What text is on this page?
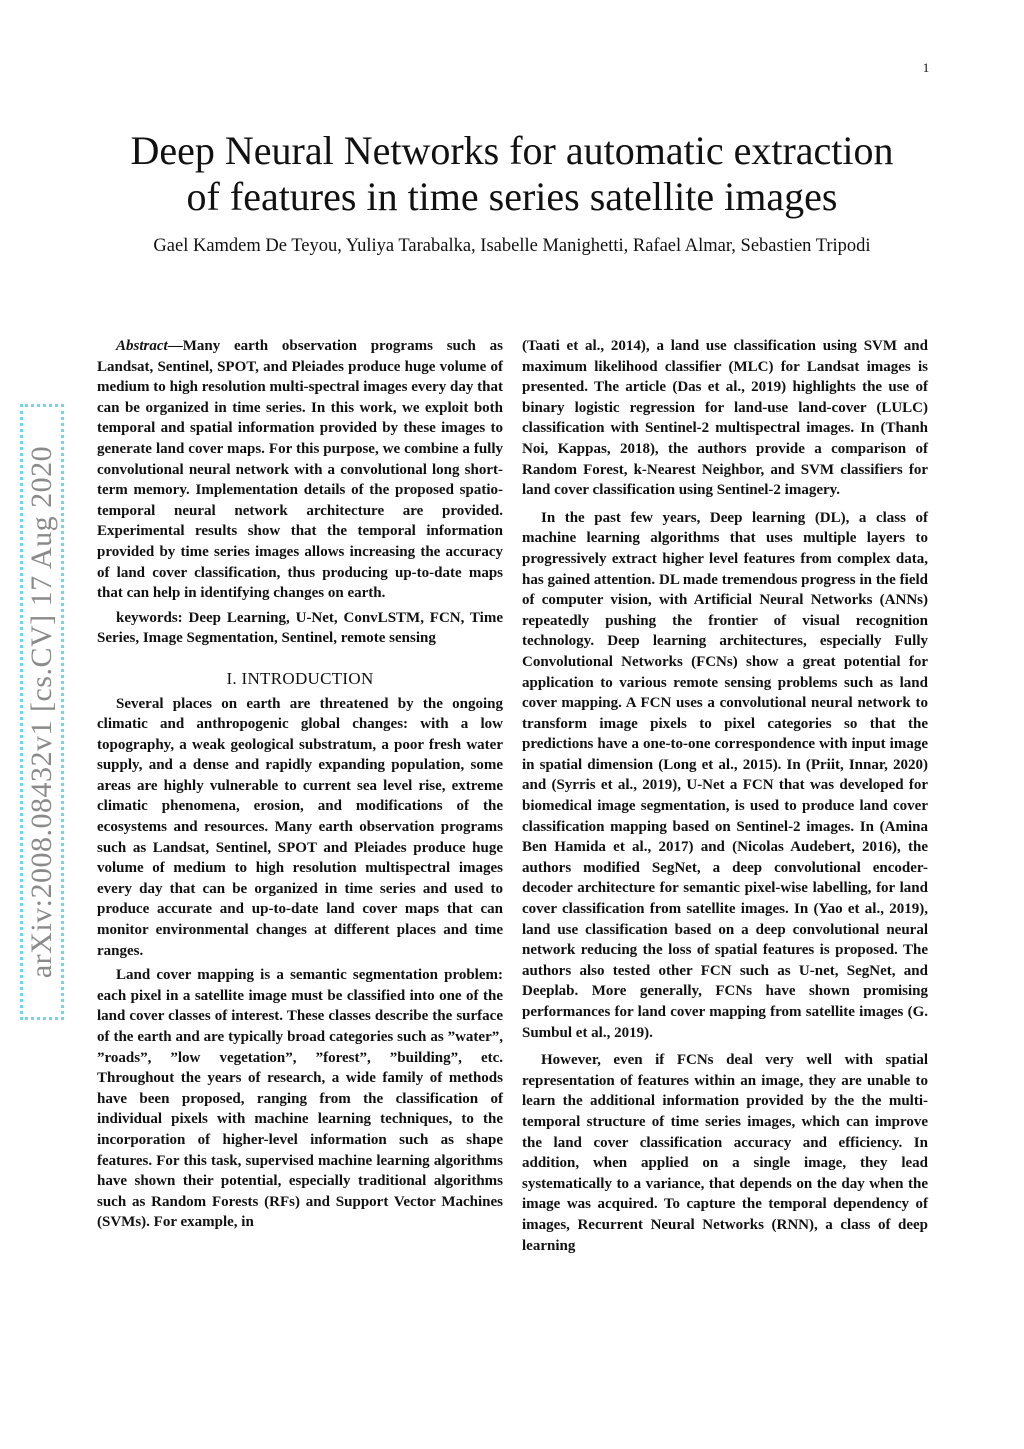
1
Deep Neural Networks for automatic extraction
of features in time series satellite images
Gael Kamdem De Teyou, Yuliya Tarabalka, Isabelle Manighetti, Rafael Almar, Sebastien Tripodi
arXiv:2008.08432v1 [cs.CV] 17 Aug 2020

Abstract—Many earth observation programs such as Landsat, Sentinel, SPOT, and Pleiades produce huge volume of medium to high resolution multi-spectral images every day that can be organized in time series. In this work, we exploit both temporal and spatial information provided by these images to generate land cover maps. For this purpose, we combine a fully convolutional neural network with a convolutional long short-term memory. Implementation details of the proposed spatio-temporal neural network architecture are provided. Experimental results show that the temporal information provided by time series images allows increasing the accuracy of land cover classification, thus producing up-to-date maps that can help in identifying changes on earth.

keywords: Deep Learning, U-Net, ConvLSTM, FCN, Time Series, Image Segmentation, Sentinel, remote sensing

I. INTRODUCTION

Several places on earth are threatened by the ongoing climatic and anthropogenic global changes: with a low topography, a weak geological substratum, a poor fresh water supply, and a dense and rapidly expanding population, some areas are highly vulnerable to current sea level rise, extreme climatic phenomena, erosion, and modifications of the ecosystems and resources. Many earth observation programs such as Landsat, Sentinel, SPOT and Pleiades produce huge volume of medium to high resolution multispectral images every day that can be organized in time series and used to produce accurate and up-to-date land cover maps that can monitor environmental changes at different places and time ranges.

Land cover mapping is a semantic segmentation problem: each pixel in a satellite image must be classified into one of the land cover classes of interest. These classes describe the surface of the earth and are typically broad categories such as ”water”, ”roads”, ”low vegetation”, ”forest”, ”building”, etc. Throughout the years of research, a wide family of methods have been proposed, ranging from the classification of individual pixels with machine learning techniques, to the incorporation of higher-level information such as shape features. For this task, supervised machine learning algorithms have shown their potential, especially traditional algorithms such as Random Forests (RFs) and Support Vector Machines (SVMs). For example, in

(Taati et al., 2014), a land use classification using SVM and maximum likelihood classifier (MLC) for Landsat images is presented. The article (Das et al., 2019) highlights the use of binary logistic regression for land-use land-cover (LULC) classification with Sentinel-2 multispectral images. In (Thanh Noi, Kappas, 2018), the authors provide a comparison of Random Forest, k-Nearest Neighbor, and SVM classifiers for land cover classification using Sentinel-2 imagery.

In the past few years, Deep learning (DL), a class of machine learning algorithms that uses multiple layers to progressively extract higher level features from complex data, has gained attention. DL made tremendous progress in the field of computer vision, with Artificial Neural Networks (ANNs) repeatedly pushing the frontier of visual recognition technology. Deep learning architectures, especially Fully Convolutional Networks (FCNs) show a great potential for application to various remote sensing problems such as land cover mapping. A FCN uses a convolutional neural network to transform image pixels to pixel categories so that the predictions have a one-to-one correspondence with input image in spatial dimension (Long et al., 2015). In (Priit, Innar, 2020) and (Syrris et al., 2019), U-Net a FCN that was developed for biomedical image segmentation, is used to produce land cover classification mapping based on Sentinel-2 images. In (Amina Ben Hamida et al., 2017) and (Nicolas Audebert, 2016), the authors modified SegNet, a deep convolutional encoder-decoder architecture for semantic pixel-wise labelling, for land cover classification from satellite images. In (Yao et al., 2019), land use classification based on a deep convolutional neural network reducing the loss of spatial features is proposed. The authors also tested other FCN such as U-net, SegNet, and Deeplab. More generally, FCNs have shown promising performances for land cover mapping from satellite images (G. Sumbul et al., 2019).

However, even if FCNs deal very well with spatial representation of features within an image, they are unable to learn the additional information provided by the the multi-temporal structure of time series images, which can improve the land cover classification accuracy and efficiency. In addition, when applied on a single image, they lead systematically to a variance, that depends on the day when the image was acquired. To capture the temporal dependency of images, Recurrent Neural Networks (RNN), a class of deep learning
